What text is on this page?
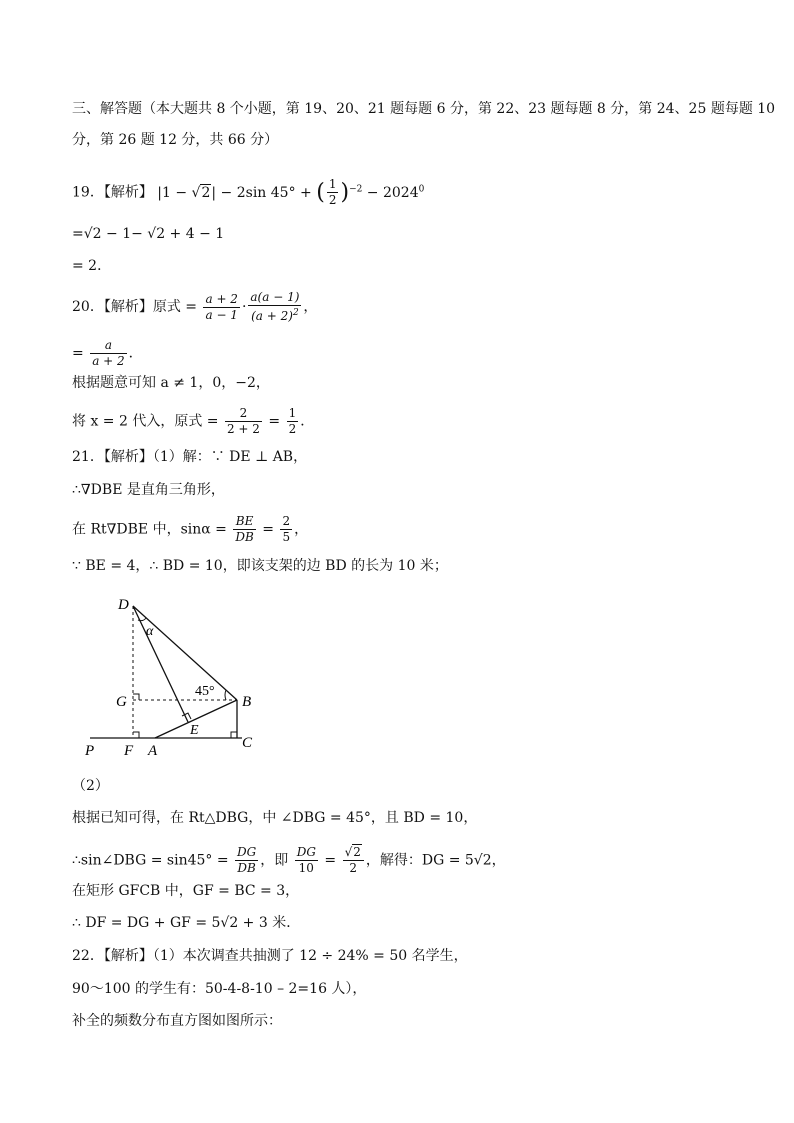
三、解答题（本大题共 8 个小题，第 19、20、21 题每题 6 分，第 22、23 题每题 8 分，第 24、25 题每题 10
分，第 26 题 12 分，共 66 分）
19．【解析】 |1 − √2| − 2sin 45° + ( $\frac{1}{2} )^{-2} - 2024^0$
=√2 − 1− √2 + 4 − 1
= 2．
20．【解析】原式 = $\frac{a + 2}{a - 1} \cdot \frac{a(a - 1)}{(a + 2)^2}$ ，
= $\frac{a}{a + 2}$ ．
根据题意可知 a ≠ 1，0，−2，
将 x = 2 代入，原式 = $\frac{2}{2 + 2} = \frac{1}{2}$ ．
21．【解析】（1）解：∵ DE ⊥ AB，
∴∇DBE 是直角三角形，
在 Rt∇DBE 中，$\sin\alpha = \frac{BE}{DB} = \frac{2}{5}$ ，
∵ BE = 4，∴ BD = 10，即该支架的边 BD 的长为 10 米；
D
α
G
45°
B
E
P F A	C
（2）
根据已知可得，在 Rt△DBG，中 ∠DBG = 45°，且 BD = 10，
∴sin∠DBG = $\sin 45^\circ = \frac{DG}{DB}$ ，即 $\frac{DG}{10} = \frac{√2}{2}$ ，解得：DG = 5√2，
在矩形 GFCB 中，GF = BC = 3，
∴ DF = DG + GF = 5√2 + 3 米．
22．【解析】（1）本次调查共抽测了 12 ÷ 24% = 50 名学生，
90～100 的学生有：50-4-8-10 – 2=16 人），
补全的频数分布直方图如图所示：
